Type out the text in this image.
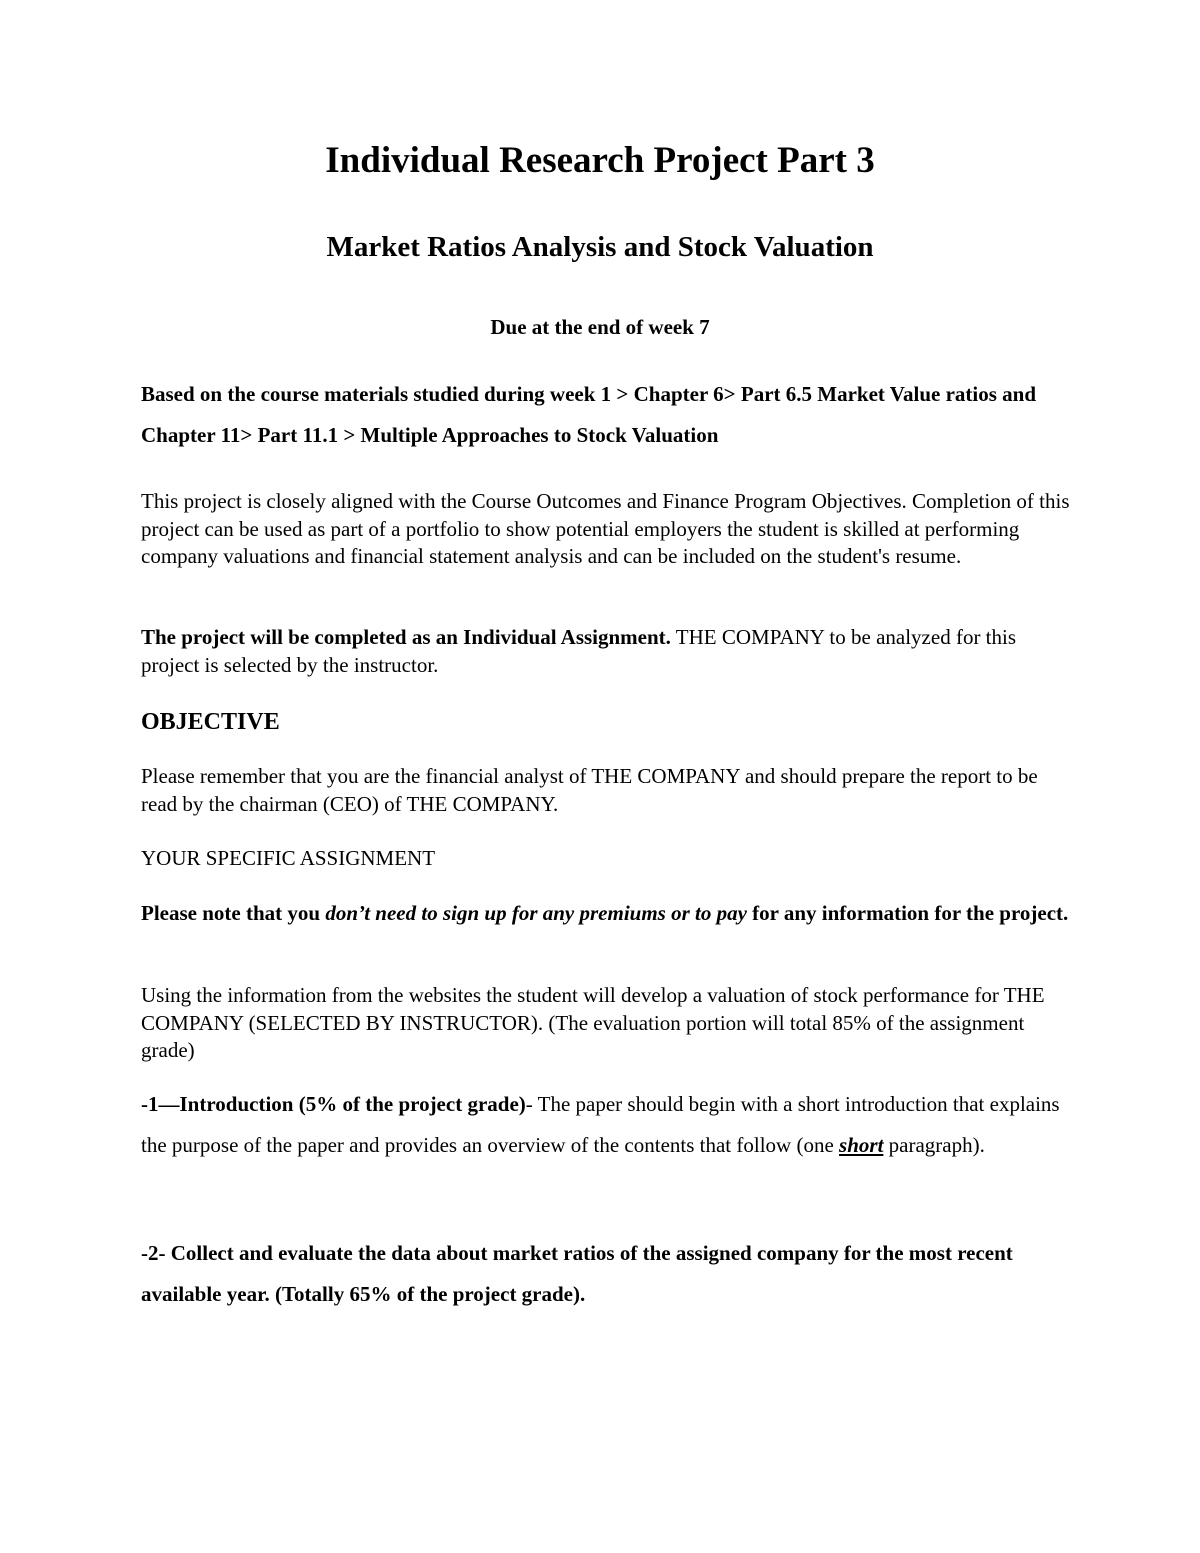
Individual Research Project Part 3
Market Ratios Analysis and Stock Valuation

Due at the end of week 7

Based on the course materials studied during week 1 > Chapter 6> Part 6.5 Market Value ratios and Chapter 11> Part 11.1 > Multiple Approaches to Stock Valuation

This project is closely aligned with the Course Outcomes and Finance Program Objectives. Completion of this project can be used as part of a portfolio to show potential employers the student is skilled at performing company valuations and financial statement analysis and can be included on the student's resume.

The project will be completed as an Individual Assignment. THE COMPANY to be analyzed for this project is selected by the instructor.

OBJECTIVE

Please remember that you are the financial analyst of THE COMPANY and should prepare the report to be read by the chairman (CEO) of THE COMPANY.

YOUR SPECIFIC ASSIGNMENT

Please note that you don’t need to sign up for any premiums or to pay for any information for the project.

Using the information from the websites the student will develop a valuation of stock performance for THE COMPANY (SELECTED BY INSTRUCTOR). (The evaluation portion will total 85% of the assignment grade)

-1—Introduction (5% of the project grade)- The paper should begin with a short introduction that explains the purpose of the paper and provides an overview of the contents that follow (one short paragraph).

-2- Collect and evaluate the data about market ratios of the assigned company for the most recent available year. (Totally 65% of the project grade).
